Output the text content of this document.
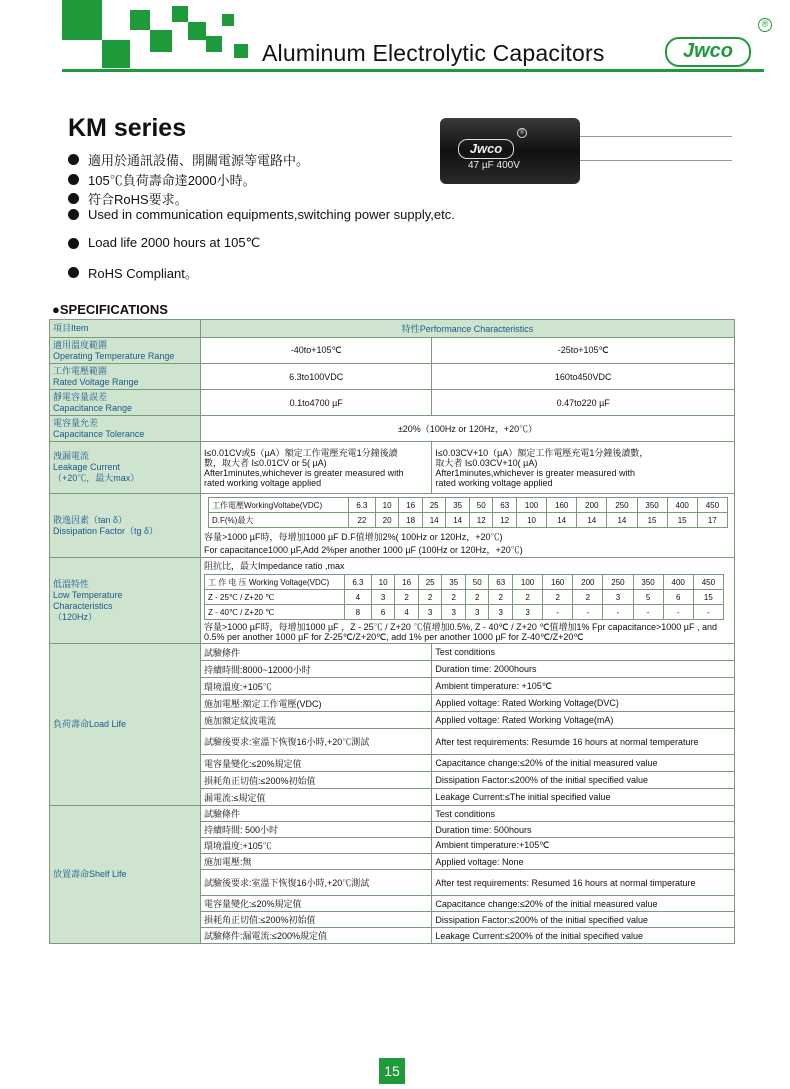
Aluminum Electrolytic Capacitors	Jwco
®
KM series
適用於通訊設備、開關電源等電路中。
105℃負荷壽命達2000小時。
符合RoHS要求。
Used in communication equipments,switching power supply,etc.
Load life 2000 hours at 105℃
RoHS Compliant。
Jwco
®
47 µF 400V
●SPECIFICATIONS
項目Item	特性Performance Characteristics

適用溫度範圍
Operating Temperature Range
	-40to+105℃	-25to+105℃

工作電壓範圍
Rated Voltage Range	6.3to100VDC	160to450VDC

靜電容量誤差
Capacitance Range	0.1to4700 µF	0.47to220 µF

電容量允差
Capacitance Tolerance	±20%（100Hz or 120Hz，+20℃）

洩漏電流
Leakage Current
（+20℃，最大max）

I≤0.01CV或5（µA）額定工作電壓充電1分鐘後讀
數，取大者 I≤0.01CV or 5( µA)
After1minutes,whichever is greater measured with
rated working voltage applied

I≤0.03CV+10（µA）額定工作電壓充電1分鐘後讀數，
取大者 I≤0.03CV+10( µA)
After1minutes,whichever is greater measured with
rated working voltage applied

散逸因素（tan δ）
Dissipation Factor（tg δ）

工作電壓WorkingVoltabe(VDC)	6.3	10	16	25	35	50	63	100	160	200	250	350	400	450
D.F(%)最大	22	20	18	14	14	12	12	10	14	14	14	15	15	17
容量>1000 µF時，每增加1000 µF D.F值增加2%( 100Hz or 120Hz，+20℃)
For capacitance1000 µF,Add 2%per another 1000 µF (100Hz or 120Hz，+20℃)

低溫特性
Low Temperature
Characteristics
（120Hz）

阻抗比，最大Impedance ratio ,max
工 作 电 压 Working Voltage(VDC)	6.3	10	16	25	35	50	63	100	160	200	250	350	400	450
Z - 25℃ / Z+20 ℃	4	3	2	2	2	2	2	2	2	2	3	5	6	15
Z - 40℃ / Z+20 ℃	8	6	4	3	3	3	3	3	-	-	-	-	-	-
容量>1000 µF時，每增加1000 µF ，Z - 25℃ / Z+20 ℃值增加0.5%, Z - 40℃ / Z+20 ℃值增加1% Fpr capacitance>1000 µF , and 0.5% per another 1000 µF for Z-25℃/Z+20℃, add 1% per another 1000 µF for Z-40℃/Z+20℃

負荷壽命Load Life	試驗條件	Test conditions
持續時間:8000~12000小时	Duration time: 2000hours
環境溫度:+105℃	Ambient timperature: +105℃
施加電壓:額定工作電壓(VDC)	Applied voltage: Rated Working Voltage(DVC)
施加額定紋波電流	Applied voltage: Rated Working Voltage(mA)
試驗後要求:室溫下恢復16小時,+20℃測試	After test requirements: Resumde 16 hours at normal temperature
電容量變化:≤20%規定值	Capacitance change:≤20% of the initial measured value
損耗角正切值:≤200%初始值	Dissipation Factor:≤200% of the initial specified value
漏電流:≤規定值	Leakage Current:≤The initial specified value
放置壽命Shelf Life	試驗條件	Test conditions
持續時間: 500小时	Duration time: 500hours
環境溫度:+105℃	Ambient timperature:+105℃
施加電壓:無	Applied voltage: None
試驗後要求:室溫下恢復16小時,+20℃測試	After test requirements: Resumed 16 hours at normal timperature
電容量變化:≤20%規定值	Capacitance change:≤20% of the initial measured value
損耗角正切值:≤200%初始值	Dissipation Factor:≤200% of the initial specified value
試驗條件:漏電流:≤200%規定值	Leakage Current:≤200% of the initial specified value
15
